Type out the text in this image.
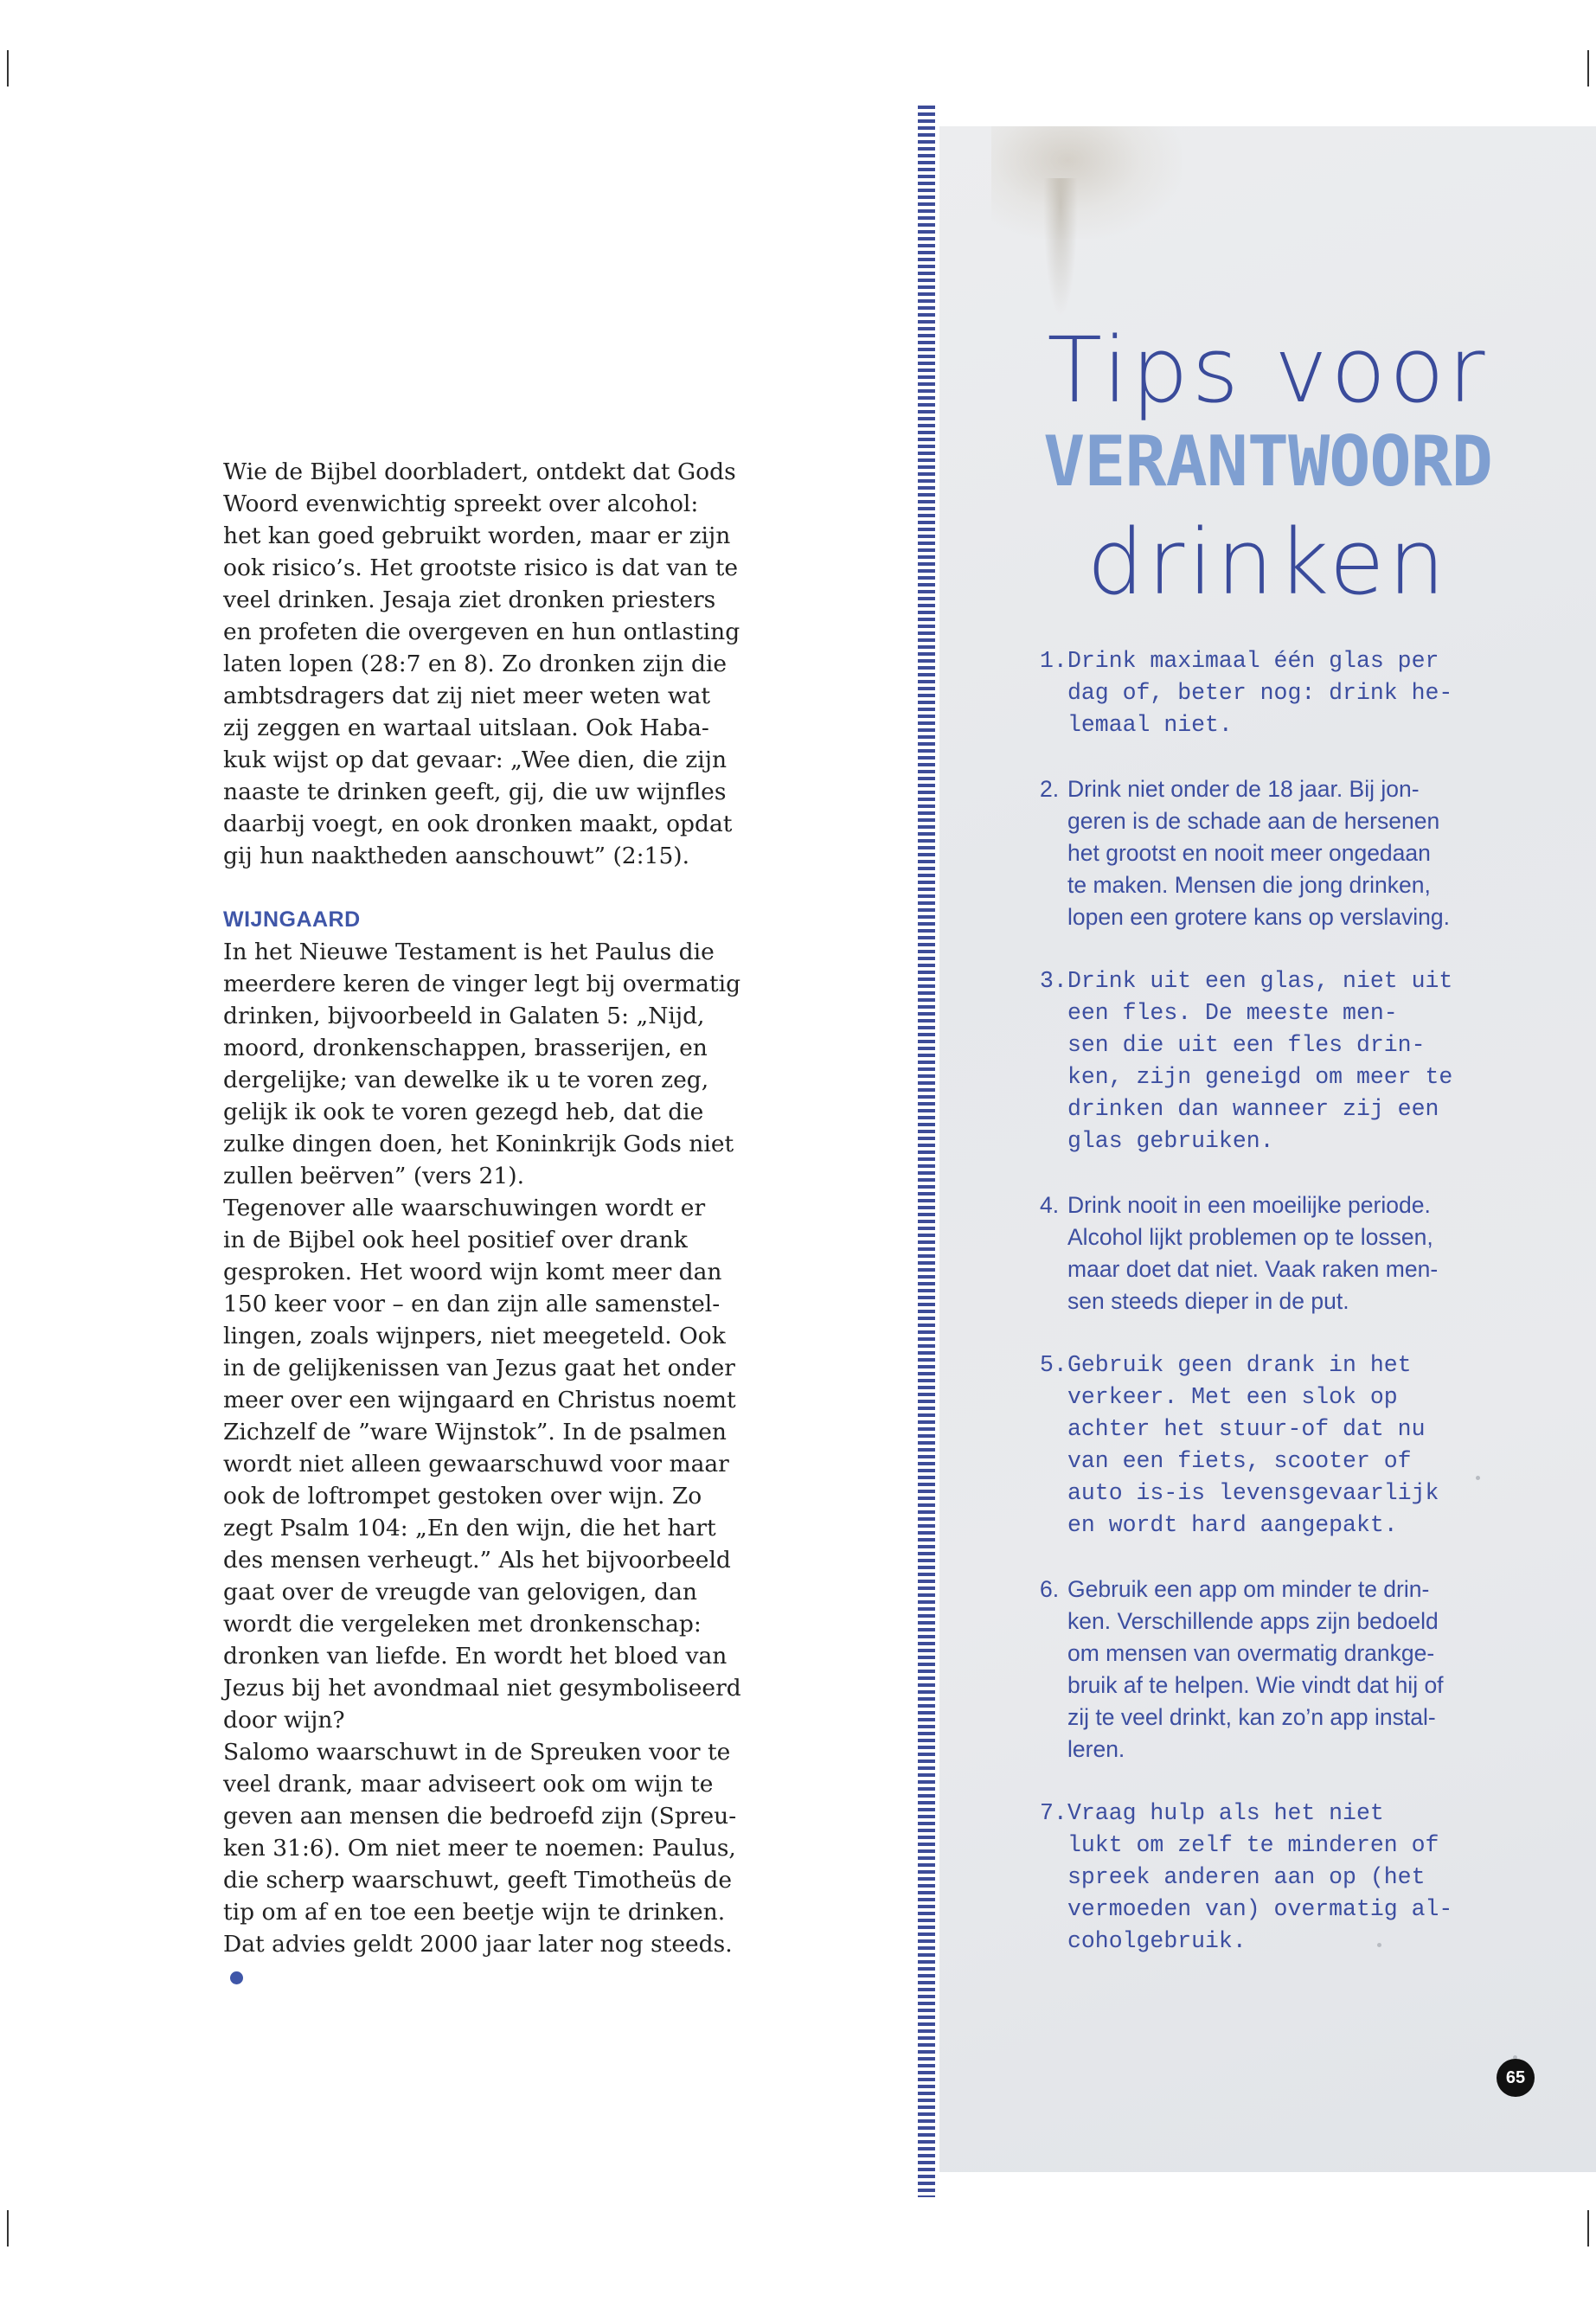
Wie de Bijbel doorbladert, ontdekt dat Gods

Woord evenwichtig spreekt over alcohol:

het kan goed gebruikt worden, maar er zijn

ook risico’s. Het grootste risico is dat van te

veel drinken. Jesaja ziet dronken priesters

en profeten die overgeven en hun ontlasting

laten lopen (28:7 en 8). Zo dronken zijn die

ambtsdragers dat zij niet meer weten wat

zij zeggen en wartaal uitslaan. Ook Haba-

kuk wijst op dat gevaar: „Wee dien, die zijn

naaste te drinken geeft, gij, die uw wijnfles

daarbij voegt, en ook dronken maakt, opdat

gij hun naaktheden aanschouwt” (2:15).

WIJNGAARD

In het Nieuwe Testament is het Paulus die

meerdere keren de vinger legt bij overmatig

drinken, bijvoorbeeld in Galaten 5: „Nijd,

moord, dronkenschappen, brasserijen, en

dergelijke; van dewelke ik u te voren zeg,

gelijk ik ook te voren gezegd heb, dat die

zulke dingen doen, het Koninkrijk Gods niet

zullen beërven” (vers 21).

Tegenover alle waarschuwingen wordt er

in de Bijbel ook heel positief over drank

gesproken. Het woord wijn komt meer dan

150 keer voor – en dan zijn alle samenstel-

lingen, zoals wijnpers, niet meegeteld. Ook

in de gelijkenissen van Jezus gaat het onder

meer over een wijngaard en Christus noemt

Zichzelf de ”ware Wijnstok”. In de psalmen

wordt niet alleen gewaarschuwd voor maar

ook de loftrompet gestoken over wijn. Zo

zegt Psalm 104: „En den wijn, die het hart

des mensen verheugt.” Als het bijvoorbeeld

gaat over de vreugde van gelovigen, dan

wordt die vergeleken met dronkenschap:

dronken van liefde. En wordt het bloed van

Jezus bij het avondmaal niet gesymboliseerd

door wijn?

Salomo waarschuwt in de Spreuken voor te

veel drank, maar adviseert ook om wijn te

geven aan mensen die bedroefd zijn (Spreu-

ken 31:6). Om niet meer te noemen: Paulus,

die scherp waarschuwt, geeft Timotheüs de

tip om af en toe een beetje wijn te drinken.

Dat advies geldt 2000 jaar later nog steeds.

Tips voor
VERANTWOORD
drinken
1. Drink maximaal één glas per
dag of, beter nog: drink he-
lemaal niet.
2. Drink niet onder de 18 jaar. Bij jon-
geren is de schade aan de hersenen
het grootst en nooit meer ongedaan
te maken. Mensen die jong drinken,
lopen een grotere kans op verslaving.
3. Drink uit een glas, niet uit
een fles. De meeste men-
sen die uit een fles drin-
ken, zijn geneigd om meer te
drinken dan wanneer zij een
glas gebruiken.
4. Drink nooit in een moeilijke periode.
Alcohol lijkt problemen op te lossen,
maar doet dat niet. Vaak raken men-
sen steeds dieper in de put.
5. Gebruik geen drank in het
verkeer. Met een slok op
achter het stuur-of dat nu
van een fiets, scooter of
auto is-is levensgevaarlijk
en wordt hard aangepakt.
6. Gebruik een app om minder te drin-
ken. Verschillende apps zijn bedoeld
om mensen van overmatig drankge-
bruik af te helpen. Wie vindt dat hij of
zij te veel drinkt, kan zo’n app instal-
leren.
7. Vraag hulp als het niet
lukt om zelf te minderen of
spreek anderen aan op (het
vermoeden van) overmatig al-
coholgebruik.
65
